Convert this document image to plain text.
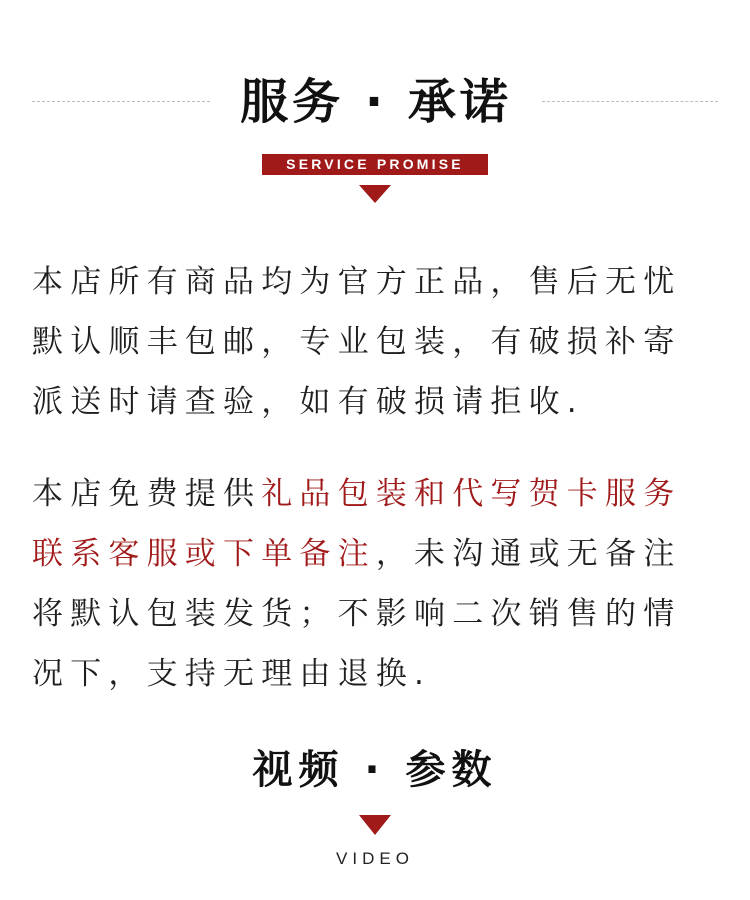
服务 · 承诺
SERVICE PROMISE
本店所有商品均为官方正品，售后无忧
默认顺丰包邮，专业包装，有破损补寄
派送时请查验，如有破损请拒收.
本店免费提供礼品包装和代写贺卡服务
联系客服或下单备注，未沟通或无备注
将默认包装发货；不影响二次销售的情
况下，支持无理由退换.
视频 · 参数
VIDEO
